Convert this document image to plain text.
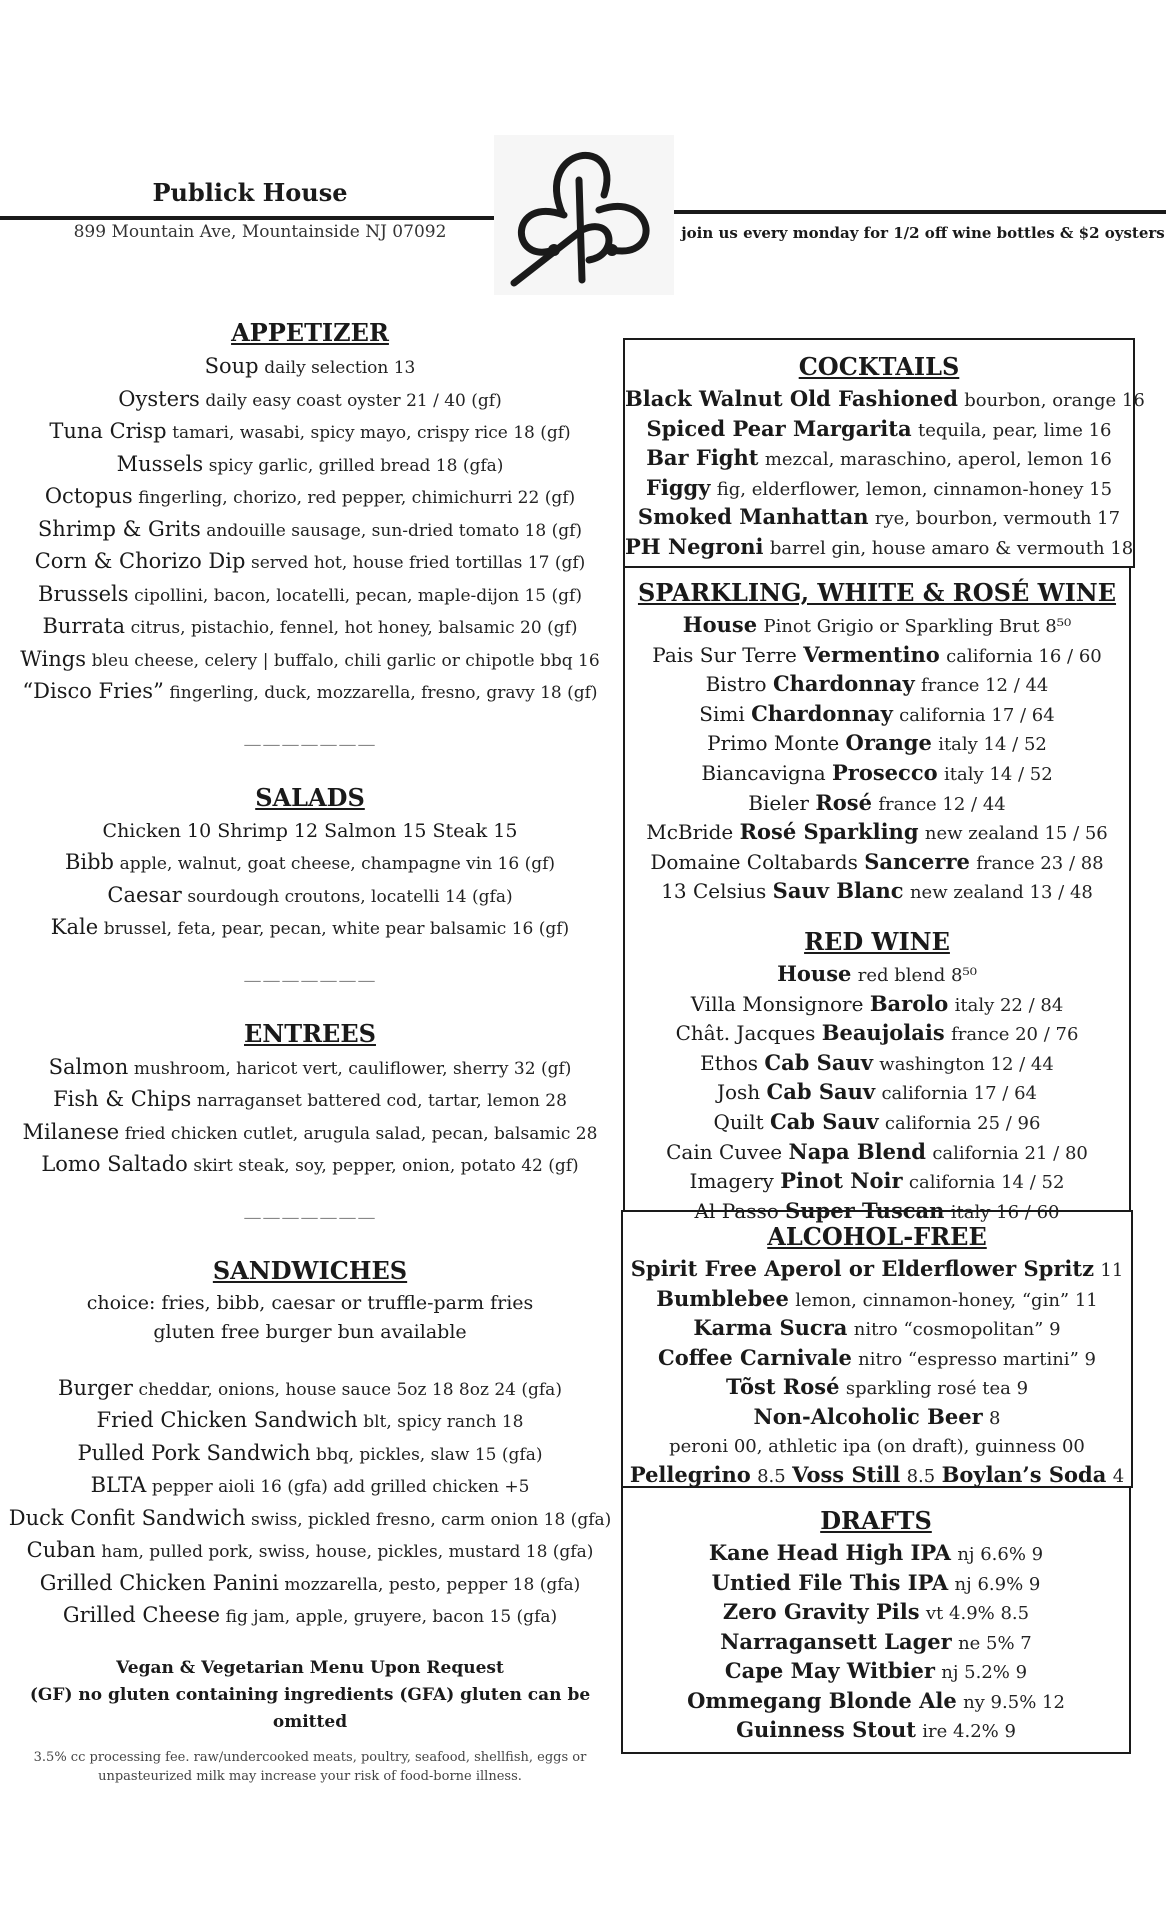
Publick House
899 Mountain Ave, Mountainside NJ 07092	join us every monday for 1/2 off wine bottles & $2 oysters
APPETIZER
Soup daily selection 13
Oysters daily easy coast oyster 21 / 40 (gf)
Tuna Crisp tamari, wasabi, spicy mayo, crispy rice 18 (gf)
Mussels spicy garlic, grilled bread 18 (gfa)
Octopus fingerling, chorizo, red pepper, chimichurri 22 (gf)
Shrimp & Grits andouille sausage, sun-dried tomato 18 (gf)
Corn & Chorizo Dip served hot, house fried tortillas 17 (gf)
Brussels cipollini, bacon, locatelli, pecan, maple-dijon 15 (gf)
Burrata citrus, pistachio, fennel, hot honey, balsamic 20 (gf)
Wings bleu cheese, celery | buffalo, chili garlic or chipotle bbq 16
“Disco Fries” fingerling, duck, mozzarella, fresno, gravy 18 (gf)
———————
SALADS
Chicken 10 Shrimp 12 Salmon 15 Steak 15
Bibb apple, walnut, goat cheese, champagne vin 16 (gf)
Caesar sourdough croutons, locatelli 14 (gfa)
Kale brussel, feta, pear, pecan, white pear balsamic 16 (gf)
———————
ENTREES
Salmon mushroom, haricot vert, cauliflower, sherry 32 (gf)
Fish & Chips narraganset battered cod, tartar, lemon 28
Milanese fried chicken cutlet, arugula salad, pecan, balsamic 28
Lomo Saltado skirt steak, soy, pepper, onion, potato 42 (gf)
———————
SANDWICHES
choice: fries, bibb, caesar or truffle-parm fries
gluten free burger bun available
Burger cheddar, onions, house sauce 5oz 18 8oz 24 (gfa)
Fried Chicken Sandwich blt, spicy ranch 18
Pulled Pork Sandwich bbq, pickles, slaw 15 (gfa)
BLTA pepper aioli 16 (gfa) add grilled chicken +5
Duck Confit Sandwich swiss, pickled fresno, carm onion 18 (gfa)
Cuban ham, pulled pork, swiss, house, pickles, mustard 18 (gfa)
Grilled Chicken Panini mozzarella, pesto, pepper 18 (gfa)
Grilled Cheese fig jam, apple, gruyere, bacon 15 (gfa)
Vegan & Vegetarian Menu Upon Request
(GF) no gluten containing ingredients (GFA) gluten can be omitted
3.5% cc processing fee. raw/undercooked meats, poultry, seafood, shellfish, eggs or
unpasteurized milk may increase your risk of food-borne illness.
COCKTAILS
Black Walnut Old Fashioned bourbon, orange 16
Spiced Pear Margarita tequila, pear, lime 16
Bar Fight mezcal, maraschino, aperol, lemon 16
Figgy fig, elderflower, lemon, cinnamon-honey 15
Smoked Manhattan rye, bourbon, vermouth 17
PH Negroni barrel gin, house amaro & vermouth 18
SPARKLING, WHITE & ROSÉ WINE
House Pinot Grigio or Sparkling Brut 8⁵⁰
Pais Sur Terre Vermentino california 16 / 60
Bistro Chardonnay france 12 / 44
Simi Chardonnay california 17 / 64
Primo Monte Orange italy 14 / 52
Biancavigna Prosecco italy 14 / 52
Bieler Rosé france 12 / 44
McBride Rosé Sparkling new zealand 15 / 56
Domaine Coltabards Sancerre france 23 / 88
13 Celsius Sauv Blanc new zealand 13 / 48
RED WINE
House red blend 8⁵⁰
Villa Monsignore Barolo italy 22 / 84
Chât. Jacques Beaujolais france 20 / 76
Ethos Cab Sauv washington 12 / 44
Josh Cab Sauv california 17 / 64
Quilt Cab Sauv california 25 / 96
Cain Cuvee Napa Blend california 21 / 80
Imagery Pinot Noir california 14 / 52
Al Passo Super Tuscan italy 16 / 60
ALCOHOL-FREE
Spirit Free Aperol or Elderflower Spritz 11
Bumblebee lemon, cinnamon-honey, “gin” 11
Karma Sucra nitro “cosmopolitan” 9
Coffee Carnivale nitro “espresso martini” 9
Tõst Rosé sparkling rosé tea 9
Non-Alcoholic Beer 8
peroni 00, athletic ipa (on draft), guinness 00
Pellegrino 8.5 Voss Still 8.5 Boylan’s Soda 4
DRAFTS
Kane Head High IPA nj 6.6% 9
Untied File This IPA nj 6.9% 9
Zero Gravity Pils vt 4.9% 8.5
Narragansett Lager ne 5% 7
Cape May Witbier nj 5.2% 9
Ommegang Blonde Ale ny 9.5% 12
Guinness Stout ire 4.2% 9
